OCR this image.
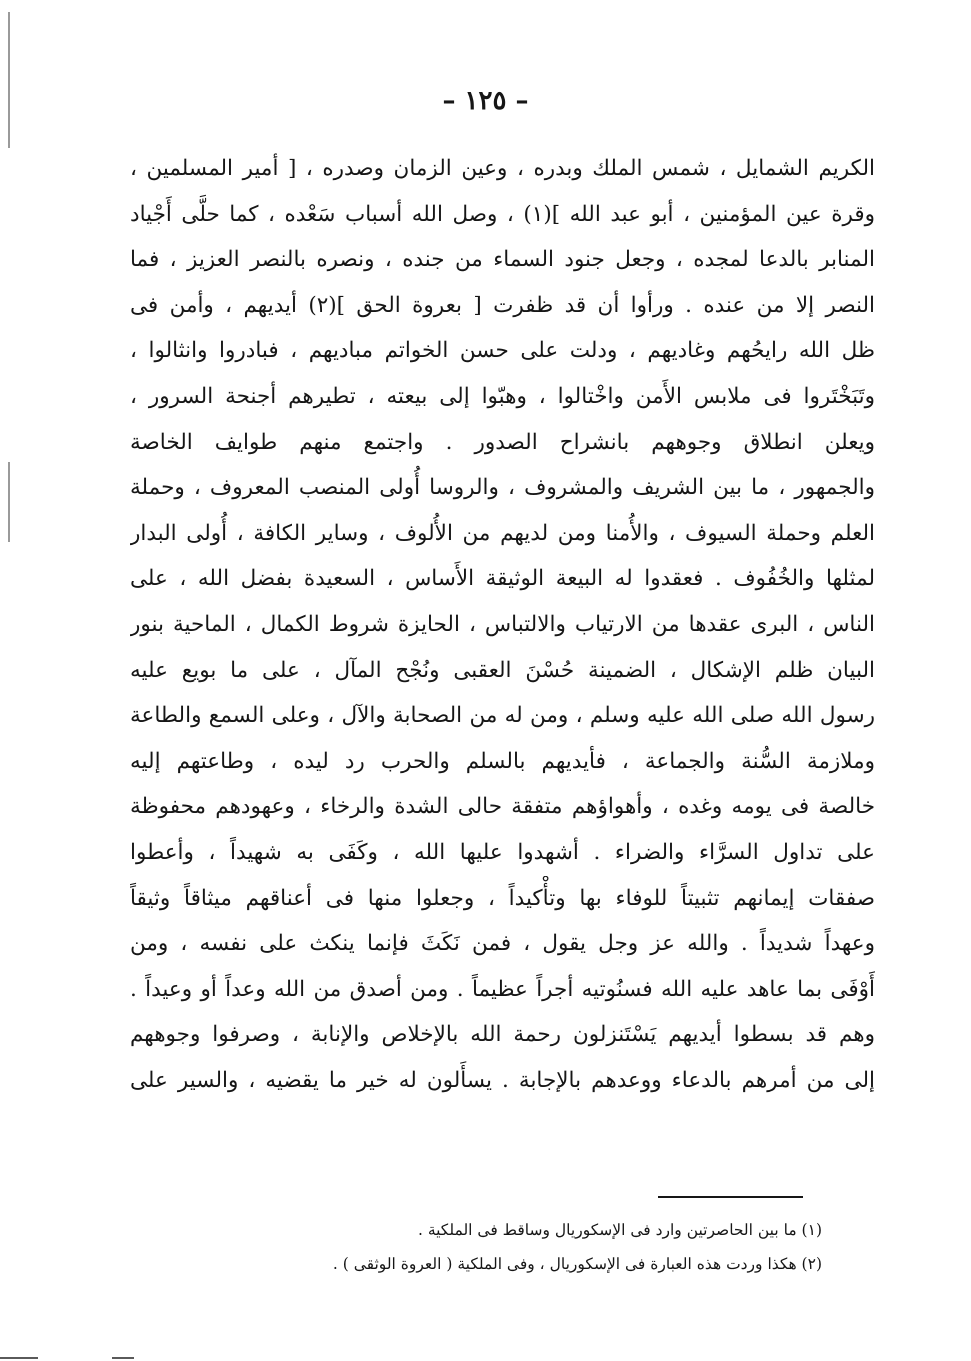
– ١٢٥ –
الكريم الشمايل ، شمس الملك وبدره ، وعين الزمان وصدره ، [ أمير المسلمين ،
وقرة عين المؤمنين ، أبو عبد الله ](١) ، وصل الله أسباب سَعْده ، كما حلَّى أَجْياد
المنابر بالدعا لمجده ، وجعل جنود السماء من جنده ، ونصره بالنصر العزيز ، فما
النصر إلا من عنده . ورأوا أن قد ظفرت [ بعروة الحق ](٢) أيديهم ، وأمن فى
ظل الله رايحُهم وغاديهم ، ودلت على حسن الخواتم مباديهم ، فبادروا وانثالوا ،
وتَبَخْتَروا فى ملابس الأَمن واخْتالوا ، وهبّوا إلى بيعته ، تطيرهم أجنحة السرور ،
ويعلن انطلاق وجوههم بانشراح الصدور . واجتمع منهم طوايف الخاصة
والجمهور ، ما بين الشريف والمشروف ، والروسا أُولى المنصب المعروف ، وحملة
العلم وحملة السيوف ، والأُمنا ومن لديهم من الأُلوف ، وساير الكافة ، أُولى البدار
لمثلها والخُفُوف . فعقدوا له البيعة الوثيقة الأَساس ، السعيدة بفضل الله ، على
الناس ، البرى عقدها من الارتياب والالتباس ، الحايزة شروط الكمال ، الماحية بنور
البيان ظلم الإشكال ، الضمينة حُسْنَ العقبى ونُجْح المآل ، على ما بويع عليه
رسول الله صلى الله عليه وسلم ، ومن له من الصحابة والآل ، وعلى السمع والطاعة
وملازمة السُّنة والجماعة ، فأيديهم بالسلم والحرب رد ليده ، وطاعتهم إليه
خالصة فى يومه وغده ، وأهواؤهم متفقة حالى الشدة والرخاء ، وعهودهم محفوظة
على تداول السرَّاء والضراء . أشهدوا عليها الله ، وكَفَى به شهيداً ، وأعطوا
صفقات إيمانهم تثبيتاً للوفاء بها وتأْكيداً ، وجعلوا منها فى أعناقهم ميثاقاً وثيقاً
وعهداً شديداً . والله عز وجل يقول ، فمن نَكَثَ فإنما ينكث على نفسه ، ومن
أَوْفَى بما عاهد عليه الله فسنُوتيه أجراً عظيماً . ومن أصدق من الله وعداً أو وعيداً .
وهم قد بسطوا أيديهم يَسْتَنزلون رحمة الله بالإخلاص والإنابة ، وصرفوا وجوههم
إلى من أمرهم بالدعاء ووعدهم بالإجابة . يسأَلون له خير ما يقضيه ، والسير على
(١) ما بين الحاصرتين وارد فى الإسكوريال وساقط فى الملكية .
(٢) هكذا وردت هذه العبارة فى الإسكوريال ، وفى الملكية ( العروة الوثقى ) .
